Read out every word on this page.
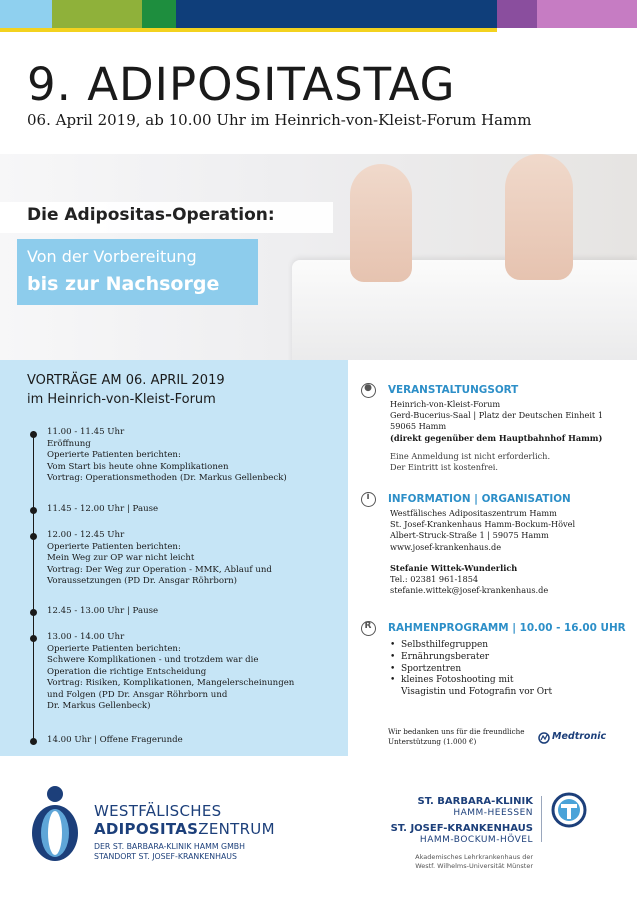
9. ADIPOSITASTAG
06. April 2019, ab 10.00 Uhr im Heinrich-von-Kleist-Forum Hamm
Die Adipositas-Operation:
Von der Vorbereitung
bis zur Nachsorge
VORTRÄGE AM 06. APRIL 2019
im Heinrich-von-Kleist-Forum
11.00 - 11.45 Uhr
Eröffnung
Operierte Patienten berichten:
Vom Start bis heute ohne Komplikationen
Vortrag: Operationsmethoden (Dr. Markus Gellenbeck)
11.45 - 12.00 Uhr | Pause
12.00 - 12.45 Uhr
Operierte Patienten berichten:
Mein Weg zur OP war nicht leicht
Vortrag: Der Weg zur Operation - MMK, Ablauf und
Voraussetzungen (PD Dr. Ansgar Röhrborn)
12.45 - 13.00 Uhr | Pause
13.00 - 14.00 Uhr
Operierte Patienten berichten:
Schwere Komplikationen - und trotzdem war die
Operation die richtige Entscheidung
Vortrag: Risiken, Komplikationen, Mangelerscheinungen
und Folgen (PD Dr. Ansgar Röhrborn und
Dr. Markus Gellenbeck)
14.00 Uhr | Offene Fragerunde
● VERANSTALTUNGSORT
Heinrich-von-Kleist-Forum
Gerd-Bucerius-Saal | Platz der Deutschen Einheit 1
59065 Hamm
(direkt gegenüber dem Hauptbahnhof Hamm)
Eine Anmeldung ist nicht erforderlich.
Der Eintritt ist kostenfrei.
i	INFORMATION | ORGANISATION
Westfälisches Adipositaszentrum Hamm
St. Josef-Krankenhaus Hamm-Bockum-Hövel
Albert-Struck-Straße 1 | 59075 Hamm
www.josef-krankenhaus.de
Stefanie Wittek-Wunderlich
Tel.: 02381 961-1854
stefanie.wittek@josef-krankenhaus.de
R RAHMENPROGRAMM | 10.00 - 16.00 UHR
• Selbsthilfegruppen
• Ernährungsberater
• Sportzentren
• kleines Fotoshooting mit
Visagistin und Fotografin vor Ort
Wir bedanken uns für die freundliche
Unterstützung (1.000 €)	Medtronic
WESTFÄLISCHES
ADIPOSITASZENTRUM
DER ST. BARBARA-KLINIK HAMM GMBH
STANDORT ST. JOSEF-KRANKENHAUS
ST. BARBARA-KLINIK
HAMM-HEESSEN
ST. JOSEF-KRANKENHAUS
HAMM-BOCKUM-HÖVEL
Akademisches Lehrkrankenhaus der
Westf. Wilhelms-Universität Münster
